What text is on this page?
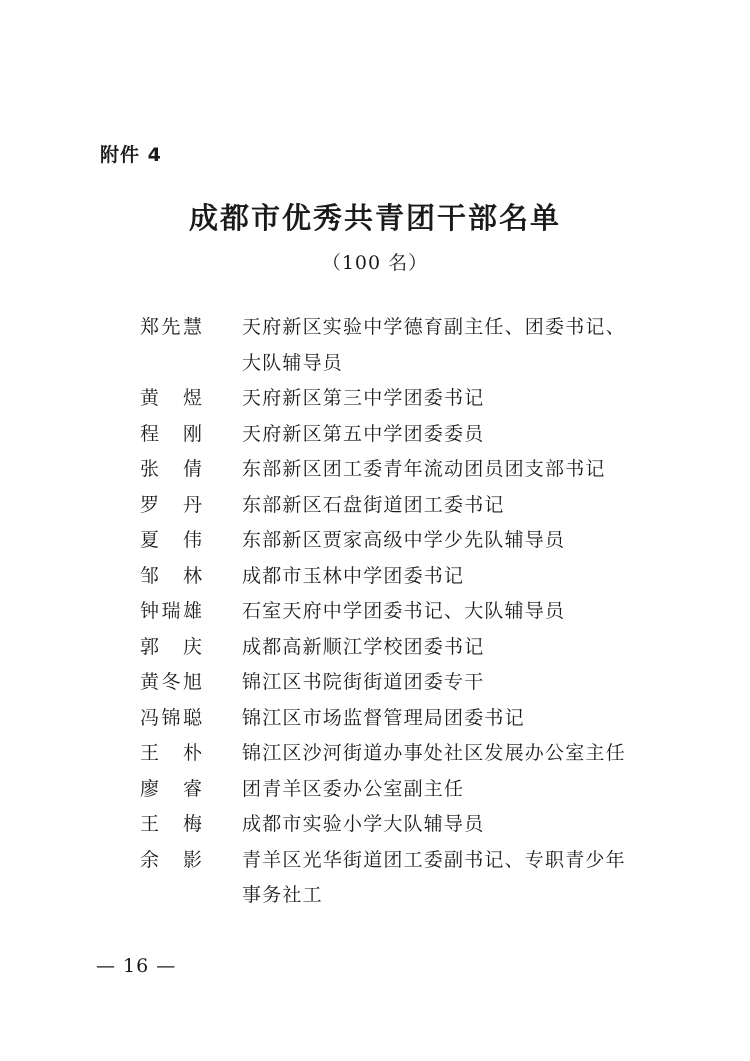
附件 4
成都市优秀共青团干部名单
（100 名）
郑先慧 天府新区实验中学德育副主任、团委书记、大队辅导员
黄煜 天府新区第三中学团委书记
程刚 天府新区第五中学团委委员
张倩 东部新区团工委青年流动团员团支部书记
罗丹 东部新区石盘街道团工委书记
夏伟 东部新区贾家高级中学少先队辅导员
邹林 成都市玉林中学团委书记
钟瑞雄 石室天府中学团委书记、大队辅导员
郭庆 成都高新顺江学校团委书记
黄冬旭 锦江区书院街街道团委专干
冯锦聪 锦江区市场监督管理局团委书记
王朴 锦江区沙河街道办事处社区发展办公室主任
廖睿 团青羊区委办公室副主任
王梅 成都市实验小学大队辅导员
余影 青羊区光华街道团工委副书记、专职青少年事务社工
— 16 —
